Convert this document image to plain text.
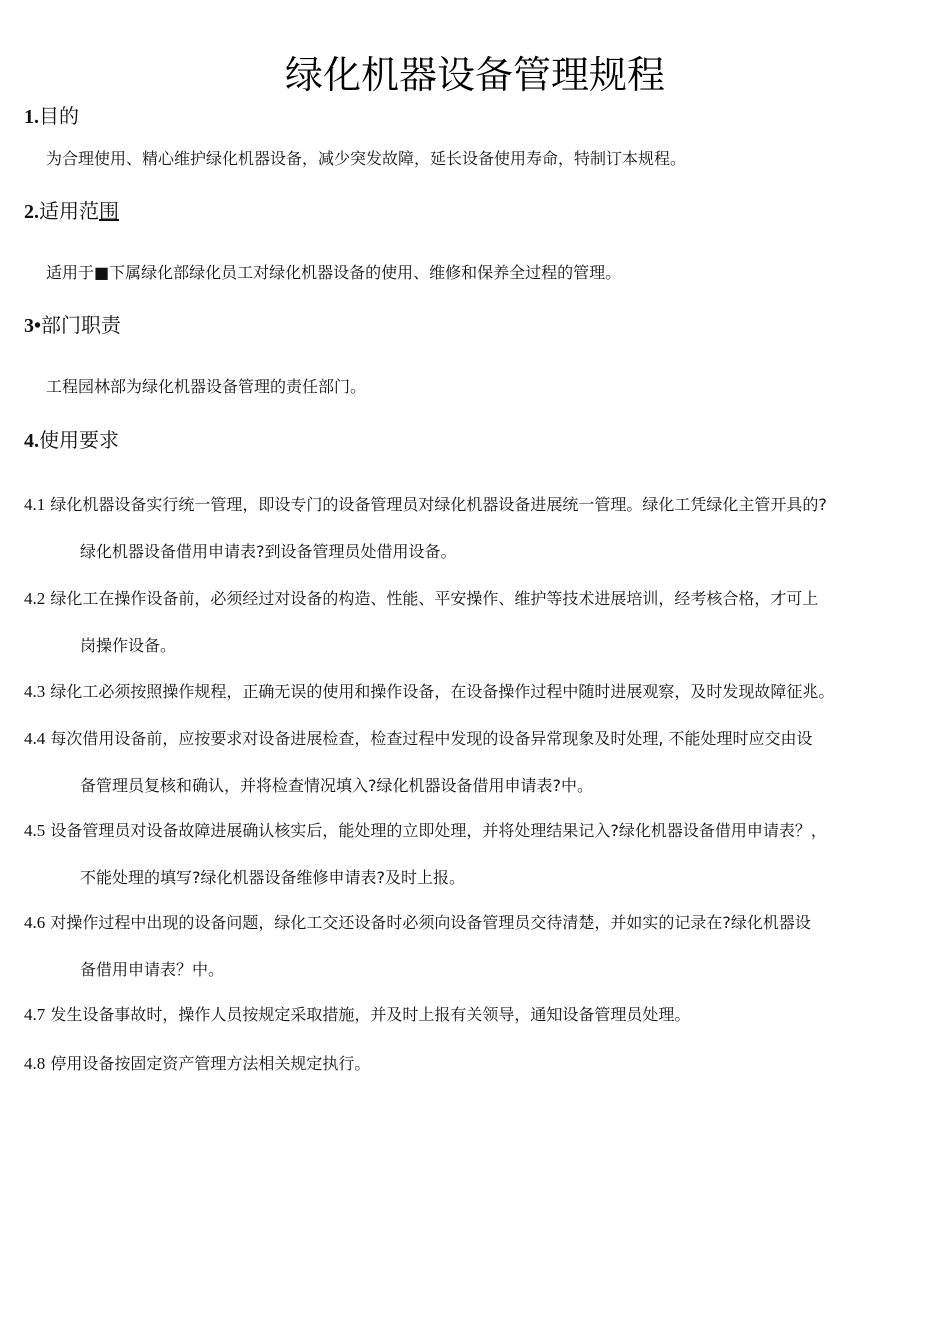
绿化机器设备管理规程
1.目的
为合理使用、精心维护绿化机器设备，减少突发故障，延长设备使用寿命，特制订本规程。
2.适用范围
适用于■下属绿化部绿化员工对绿化机器设备的使用、维修和保养全过程的管理。
3•部门职责
工程园林部为绿化机器设备管理的责任部门。
4.使用要求
4.1 绿化机器设备实行统一管理，即设专门的设备管理员对绿化机器设备进展统一管理。绿化工凭绿化主管开具的?
绿化机器设备借用申请表?到设备管理员处借用设备。
4.2 绿化工在操作设备前，必须经过对设备的构造、性能、平安操作、维护等技术进展培训，经考核合格，才可上
岗操作设备。
4.3 绿化工必须按照操作规程，正确无误的使用和操作设备，在设备操作过程中随时进展观察，及时发现故障征兆。
4.4 每次借用设备前，应按要求对设备进展检查，检查过程中发现的设备异常现象及时处理, 不能处理时应交由设
备管理员复核和确认，并将检查情况填入?绿化机器设备借用申请表?中。
4.5 设备管理员对设备故障进展确认核实后，能处理的立即处理，并将处理结果记入?绿化机器设备借用申请表？，
不能处理的填写?绿化机器设备维修申请表?及时上报。
4.6 对操作过程中出现的设备问题，绿化工交还设备时必须向设备管理员交待清楚，并如实的记录在?绿化机器设
备借用申请表？中。
4.7 发生设备事故时，操作人员按规定采取措施，并及时上报有关领导，通知设备管理员处理。
4.8 停用设备按固定资产管理方法相关规定执行。
